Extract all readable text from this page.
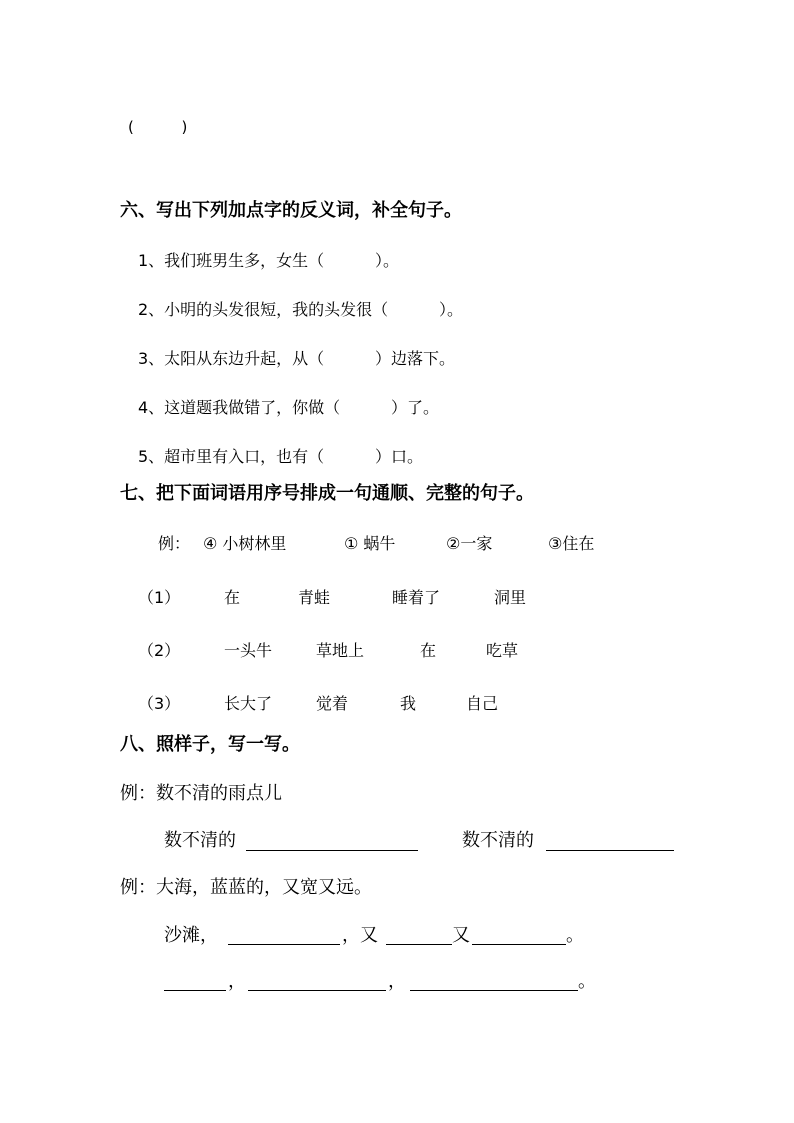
(          )
六、写出下列加点字的反义词，补全句子。
1、我们班男生多，女生（          ）。
2、小明的头发很短，我的头发很（          ）。
3、太阳从东边升起，从（          ）边落下。
4、这道题我做错了，你做（          ）了。
5、超市里有入口，也有（          ）口。
七、把下面词语用序号排成一句通顺、完整的句子。
例： ④ 小树林里	① 蜗牛	②一家	③住在
（1）	在	青蛙	睡着了	洞里
（2）	一头牛	草地上	在	吃草
（3）	长大了	觉着	我	自己
八、照样子，写一写。
例：数不清的雨点儿
数不清的	数不清的
例：大海，蓝蓝的，又宽又远。
沙滩，	，又	又	。
，	，	。
